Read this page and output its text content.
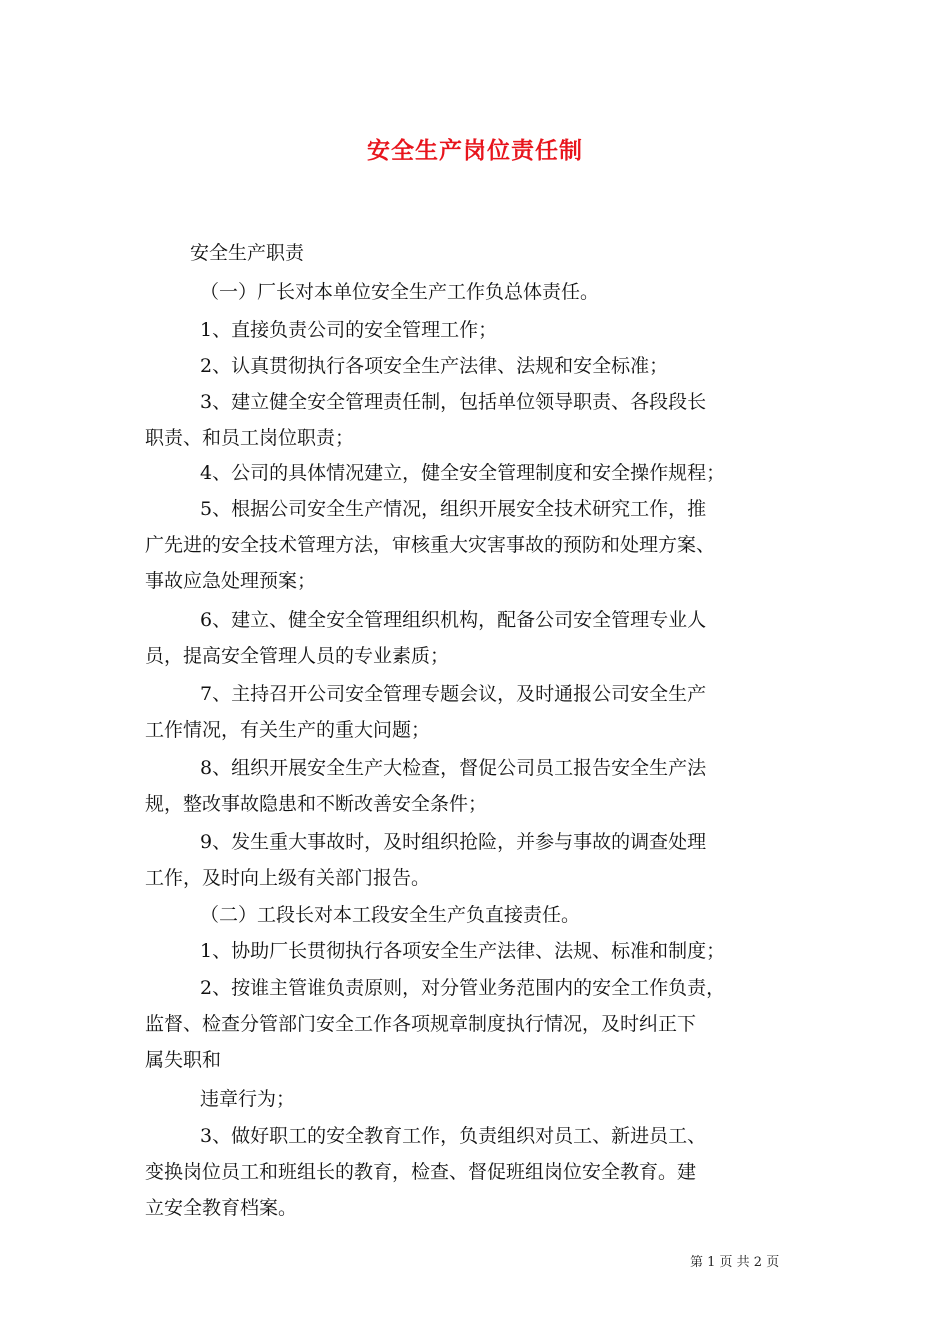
安全生产岗位责任制
安全生产职责
（一）厂长对本单位安全生产工作负总体责任。
1、直接负责公司的安全管理工作；
2、认真贯彻执行各项安全生产法律、法规和安全标准；
3、建立健全安全管理责任制，包括单位领导职责、各段段长
职责、和员工岗位职责；
4、公司的具体情况建立，健全安全管理制度和安全操作规程；
5、根据公司安全生产情况，组织开展安全技术研究工作，推
广先进的安全技术管理方法，审核重大灾害事故的预防和处理方案、
事故应急处理预案；
6、建立、健全安全管理组织机构，配备公司安全管理专业人
员，提高安全管理人员的专业素质；
7、主持召开公司安全管理专题会议，及时通报公司安全生产
工作情况，有关生产的重大问题；
8、组织开展安全生产大检查，督促公司员工报告安全生产法
规，整改事故隐患和不断改善安全条件；
9、发生重大事故时，及时组织抢险，并参与事故的调查处理
工作，及时向上级有关部门报告。
（二）工段长对本工段安全生产负直接责任。
1、协助厂长贯彻执行各项安全生产法律、法规、标准和制度；
2、按谁主管谁负责原则，对分管业务范围内的安全工作负责，
监督、检查分管部门安全工作各项规章制度执行情况，及时纠正下
属失职和
违章行为；
3、做好职工的安全教育工作，负责组织对员工、新进员工、
变换岗位员工和班组长的教育，检查、督促班组岗位安全教育。建
立安全教育档案。
第 1 页 共 2 页
